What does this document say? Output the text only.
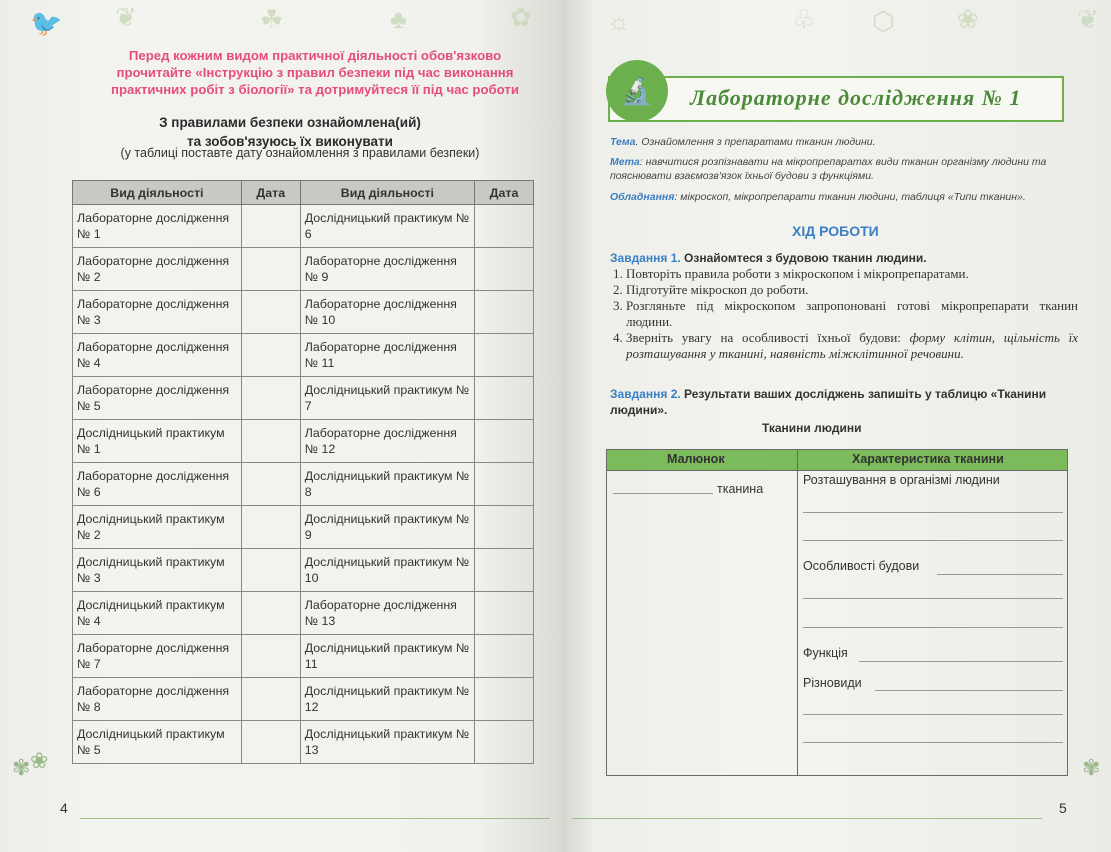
🐦 ❦	☘	♣	✿
Перед кожним видом практичної діяльності обов'язково прочитайте «Інструкцію з правил безпеки під час виконання практичних робіт з біології» та дотримуйтеся її під час роботи
З правилами безпеки ознайомлена(ий)
та зобов'язуюсь їх виконувати
(у таблиці поставте дату ознайомлення з правилами безпеки)
Вид діяльності	Дата	Вид діяльності	Дата
Лабораторне дослідження № 1		Дослідницький практикум № 6	
Лабораторне дослідження № 2		Лабораторне дослідження № 9	
Лабораторне дослідження № 3		Лабораторне дослідження № 10	
Лабораторне дослідження № 4		Лабораторне дослідження № 11	
Лабораторне дослідження № 5		Дослідницький практикум № 7	
Дослідницький практикум № 1		Лабораторне дослідження № 12	
Лабораторне дослідження № 6		Дослідницький практикум № 8	
Дослідницький практикум № 2		Дослідницький практикум № 9	
Дослідницький практикум № 3		Дослідницький практикум № 10	
Дослідницький практикум № 4		Лабораторне дослідження № 13	
Лабораторне дослідження № 7		Дослідницький практикум № 11	
Лабораторне дослідження № 8		Дослідницький практикум № 12	
Дослідницький практикум № 5		Дослідницький практикум № 13	
✾ ❀
4
☼	♧ ⬡ ❀	❦
Лабораторне дослідження № 1
🔬
Тема. Ознайомлення з препаратами тканин людини.
Мета: навчитися розпізнавати на мікропрепаратах види тканин організму людини та пояснювати взаємозв'язок їхньої будови з функціями.
Обладнання: мікроскоп, мікропрепарати тканин людини, таблиця «Типи тканин».
ХІД РОБОТИ
Завдання 1. Ознайомтеся з будовою тканин людини.
1. Повторіть правила роботи з мікроскопом і мікропрепаратами.
2. Підготуйте мікроскоп до роботи.
3. Розгляньте під мікроскопом запропоновані готові мікропрепарати тканин людини.
4. Зверніть увагу на особливості їхньої будови: форму клітин, щільність їх розташування у тканині, наявність міжклітинної речовини.
Завдання 2. Результати ваших досліджень запишіть у таблицю «Тканини людини».
Тканини людини
Малюнок	Характеристика тканини
тканина
Розташування в організмі людини
Особливості будови
Функція
Різновиди
✾
5
